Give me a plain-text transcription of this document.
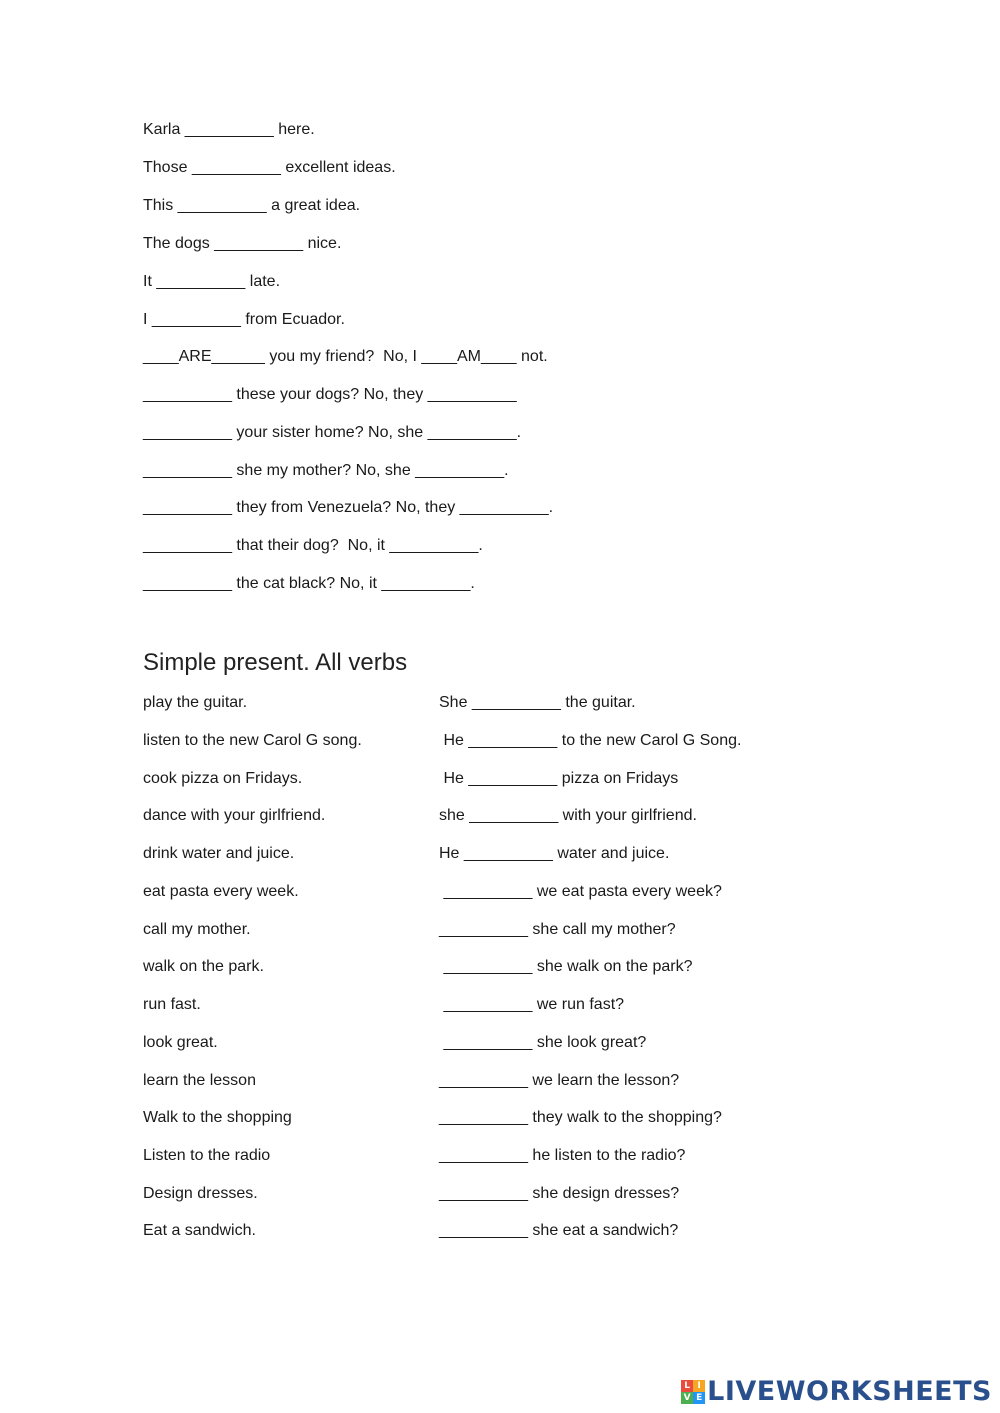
Karla __________ here.
Those __________ excellent ideas.
This __________ a great idea.
The dogs __________ nice.
It __________ late.
I __________ from Ecuador.
____ARE______ you my friend?  No, I ____AM____ not.
__________ these your dogs? No, they __________
__________ your sister home? No, she __________.
__________ she my mother? No, she __________.
__________ they from Venezuela? No, they __________.
__________ that their dog?  No, it __________.
__________ the cat black? No, it __________.
Simple present. All verbs
play the guitar.	She __________ the guitar.
listen to the new Carol G song.	He __________ to the new Carol G Song.
cook pizza on Fridays.	He __________ pizza on Fridays
dance with your girlfriend.	she __________ with your girlfriend.
drink water and juice.	He __________ water and juice.
eat pasta every week.	__________ we eat pasta every week?
call my mother.	__________ she call my mother?
walk on the park.	__________ she walk on the park?
run fast.	__________ we run fast?
look great.	__________ she look great?
learn the lesson	__________ we learn the lesson?
Walk to the shopping	__________ they walk to the shopping?
Listen to the radio	__________ he listen to the radio?
Design dresses.	__________ she design dresses?
Eat a sandwich.	__________ she eat a sandwich?
L I
V E LIVEWORKSHEETS
